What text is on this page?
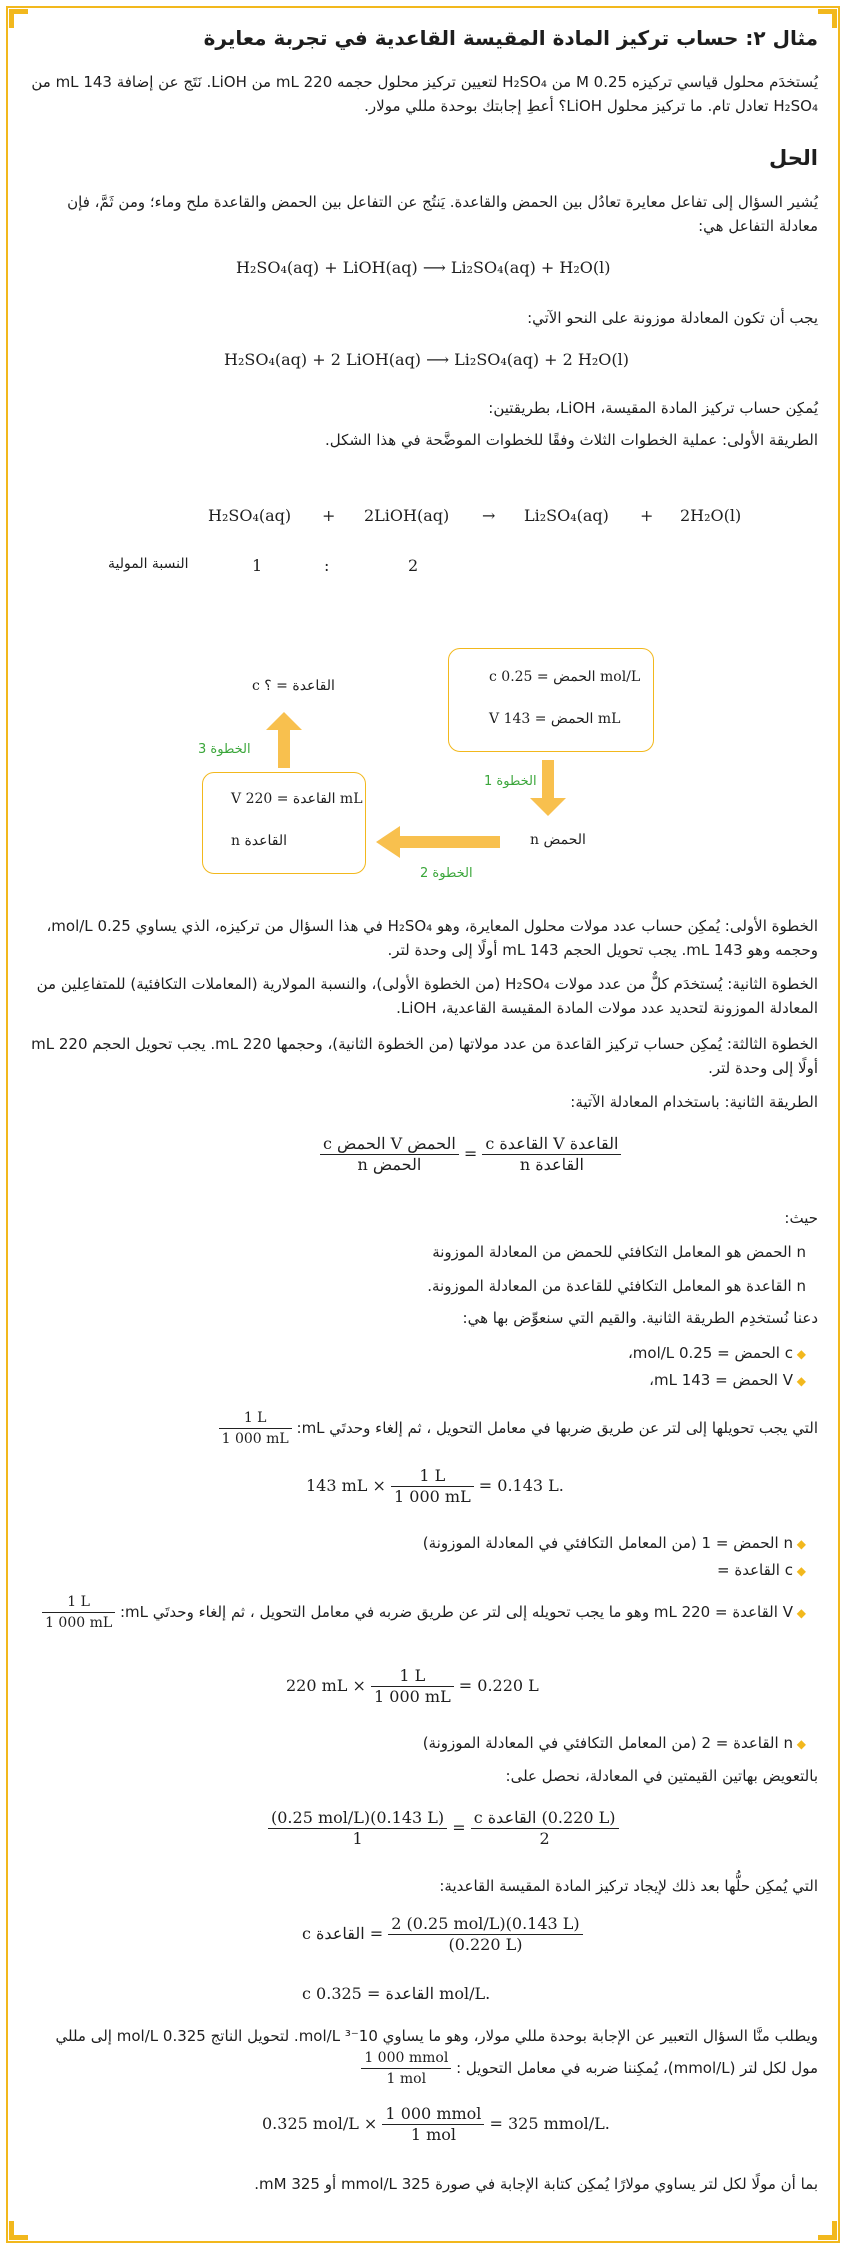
مثال ٢: حساب تركيز المادة المقيسة القاعدية في تجربة معايرة
يُستخدَم محلول قياسي تركيزه 0.25 M من H₂SO₄ لتعيين تركيز محلول حجمه 220 mL من LiOH. نَتَج عن إضافة 143 mL من H₂SO₄ تعادل تام. ما تركيز محلول LiOH؟ أعطِ إجابتك بوحدة مللي مولار.
الحل
يُشير السؤال إلى تفاعل معايرة تعادُل بين الحمض والقاعدة. يَنتُج عن التفاعل بين الحمض والقاعدة ملح وماء؛ ومن ثَمَّ، فإن معادلة التفاعل هي:
H₂SO₄(aq) + LiOH(aq) ⟶ Li₂SO₄(aq) + H₂O(l)
يجب أن تكون المعادلة موزونة على النحو الآتي:
H₂SO₄(aq) + 2 LiOH(aq) ⟶ Li₂SO₄(aq) + 2 H₂O(l)
يُمكِن حساب تركيز المادة المقيسة، LiOH، بطريقتين:
الطريقة الأولى: عملية الخطوات الثلاث وفقًا للخطوات الموضَّحة في هذا الشكل.
H₂SO₄(aq) + 2LiOH(aq) → Li₂SO₄(aq) + 2H₂O(l)
النسبة المولية	1	:	2
c الحمض = 0.25 mol/L
V الحمض = 143 mL
V القاعدة = 220 mL
n القاعدة
c القاعدة = ؟
n الحمض
الخطوة 1
الخطوة 2
الخطوة 3
الخطوة الأولى: يُمكِن حساب عدد مولات محلول المعايرة، وهو H₂SO₄ في هذا السؤال من تركيزه، الذي يساوي 0.25 mol/L، وحجمه وهو 143 mL. يجب تحويل الحجم 143 mL أولًا إلى وحدة لتر.
الخطوة الثانية: يُستخدَم كلٌّ من عدد مولات H₂SO₄ (من الخطوة الأولى)، والنسبة المولارية (المعاملات التكافئية) للمتفاعِلين من المعادلة الموزونة لتحديد عدد مولات المادة المقيسة القاعدية، LiOH.
الخطوة الثالثة: يُمكِن حساب تركيز القاعدة من عدد مولاتها (من الخطوة الثانية)، وحجمها 220 mL. يجب تحويل الحجم 220 mL أولًا إلى وحدة لتر.
الطريقة الثانية: باستخدام المعادلة الآتية:
$\frac{\text{c الحمض V الحمض}}{\text{n الحمض}} = \frac{\text{c القاعدة V القاعدة}}{\text{n القاعدة}}$
حيث:
n الحمض هو المعامل التكافئي للحمض من المعادلة الموزونة
n القاعدة هو المعامل التكافئي للقاعدة من المعادلة الموزونة.
دعنا نُستخدِم الطريقة الثانية. والقيم التي سنعوِّض بها هي:
◆ c الحمض = 0.25 mol/L،
◆ V الحمض = 143 mL،
التي يجب تحويلها إلى لتر عن طريق ضربها في معامل التحويل ، ثم إلغاء وحدتَي mL:
$\frac{1 L}{1 000 mL}$
143 mL × $\frac{1 L}{1 000 mL} = 0.143$ L.
◆ n الحمض = 1 (من المعامل التكافئي في المعادلة الموزونة)
◆ c القاعدة =
◆ V القاعدة = 220 mL وهو ما يجب تحويله إلى لتر عن طريق ضربه في معامل التحويل ، ثم إلغاء وحدتَي mL:
$\frac{1 L}{1 000 mL}$
220 mL × $\frac{1 L}{1 000 mL} = 0.220$ L
◆ n القاعدة = 2 (من المعامل التكافئي في المعادلة الموزونة)
بالتعويض بهاتين القيمتين في المعادلة، نحصل على:
$\frac{\text{(0.25 mol/L)(0.143 L)}}{1} = \frac{\text{c القاعدة (0.220 L)}}{2}$
التي يُمكِن حلُّها بعد ذلك لإيجاد تركيز المادة المقيسة القاعدية:
c القاعدة = $\frac{\text{2 (0.25 mol/L)(0.143 L)}}{(0.220 L)}$
c القاعدة = 0.325 mol/L.
ويطلب منَّا السؤال التعبير عن الإجابة بوحدة مللي مولار، وهو ما يساوي 10⁻³ mol/L. لتحويل الناتج 0.325 mol/L إلى مللي مول لكل لتر (mmol/L)، يُمكِننا ضربه في معامل التحويل :
$\frac{\text{1 000 mmol}}{\text{1 mol}}$
0.325 $mol/L \times \frac{\text{1 000 mmol}}{\text{1 mol}} = 325$ mmol/L.
بما أن مولًا لكل لتر يساوي مولارًا يُمكِن كتابة الإجابة في صورة 325 mmol/L أو 325 mM.
